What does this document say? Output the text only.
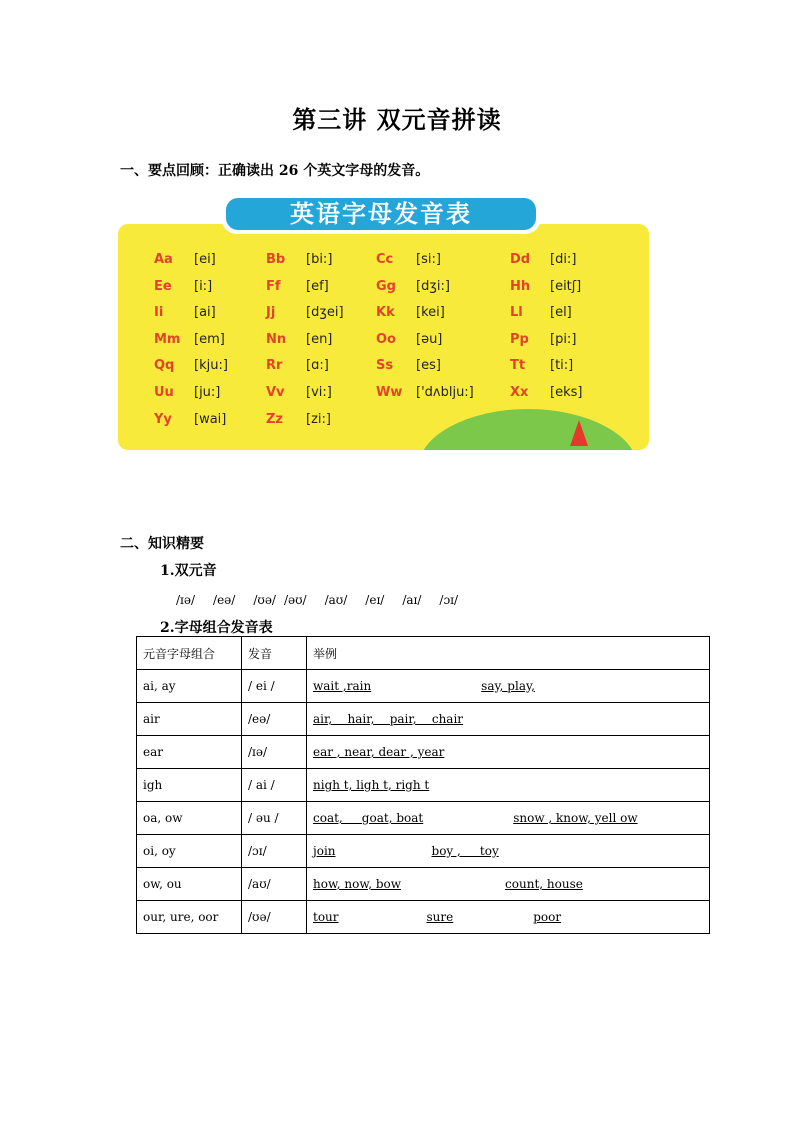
第三讲 双元音拼读
一、要点回顾：正确读出 26 个英文字母的发音。
Aa [ei]	Bb [bi:]	Cc [si:]	Dd [di:]
Ee [i:]	Ff [ef]	Gg [dʒi:]	Hh [eitʃ]
Ii [ai]	Jj [dʒei] Kk [kei]	Ll [el]
Mm [em]	Nn [en]	Oo [əu]	Pp [pi:]
Qq [kju:]	Rr [ɑ:]	Ss [es]	Tt [ti:]
Uu [ju:]	Vv [vi:]	Ww ['dʌblju:]	Xx [eks]
Yy [wai]	Zz [zi:]
英语字母发音表
二、知识精要
1.双元音
/ɪə/ /eə/ /ʊə/ /əʊ/ /aʊ/ /eɪ/ /aɪ/ /ɔɪ/
2.字母组合发音表
元音字母组合	发音	举例
ai, ay	/ ei /	wait ,rain say, play,
air	/eə/	air,    hair,    pair,    chair
ear	/ɪə/	ear , near, dear , year
igh	/ ai /	nigh t, ligh t, righ t
oa, ow	/ əu /	coat,     goat, boat snow , know, yell ow
oi, oy	/ɔɪ/	join boy ,     toy
ow, ou	/aʊ/	how, now, bow count, house
our, ure, oor	/ʊə/	tour sure poor
